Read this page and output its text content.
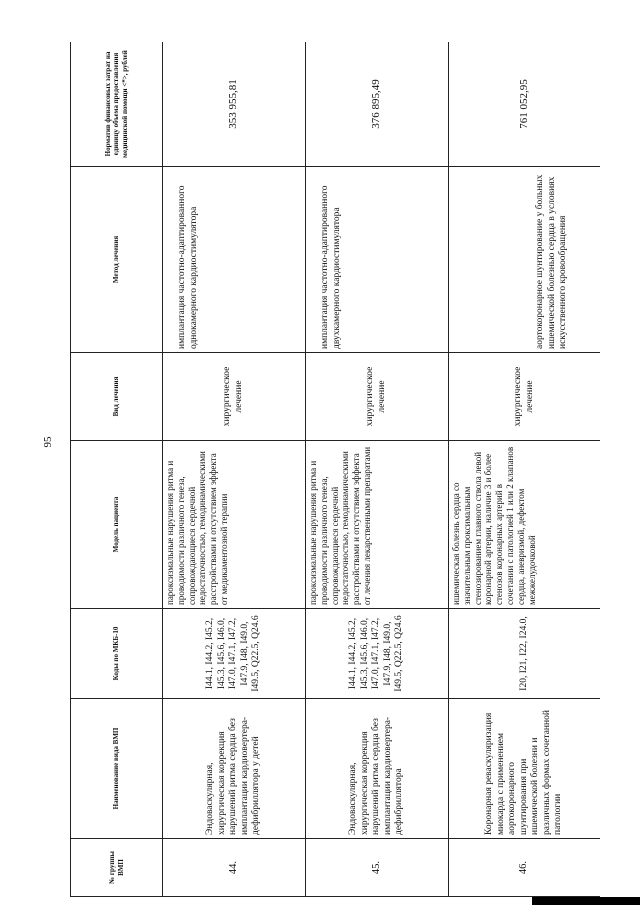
95
№ группы ВМП	Наименование вида ВМП	Коды по МКБ-10	Модель пациента	Вид лечения	Метод лечения	Норматив финансовых затрат на единицу объема предоставления медицинской помощи <*>, рублей
44.	Эндоваскулярная, хирургическая коррекция нарушений ритма сердца без имплантации кардиовертера-дефибриллятора у детей	I44.1, I44.2, I45.2, I45.3, I45.6, I46.0, I47.0, I47.1, I47.2, I47.9, I48, I49.0, I49.5, Q22.5, Q24.6	пароксизмальные нарушения ритма и проводимости различного генеза, сопровождающиеся сердечной недостаточностью, гемодинамическими расстройствами и отсутствием эффекта от медикаментозной терапии	хирургическое лечение	имплантация частотно-адаптированного однокамерного кардиостимулятора	353 955,81
45.	Эндоваскулярная, хирургическая коррекция нарушений ритма сердца без имплантации кардиовертера-дефибриллятора	I44.1, I44.2, I45.2, I45.3, I45.6, I46.0, I47.0, I47.1, I47.2, I47.9, I48, I49.0, I49.5, Q22.5, Q24.6	пароксизмальные нарушения ритма и проводимости различного генеза, сопровождающиеся сердечной недостаточностью, гемодинамическими расстройствами и отсутствием эффекта от лечения лекарственными препаратами	хирургическое лечение	имплантация частотно-адаптированного двухкамерного кардиостимулятора	376 895,49
46.	Коронарная реваскуляризация миокарда с применением аортокоронарного шунтирования при ишемической болезни и различных формах сочетанной патологии	I20, I21, I22, I24.0,	ишемическая болезнь сердца со значительным проксимальным стенозированием главного ствола левой коронарной артерии, наличие 3 и более стенозов коронарных артерий в сочетании с патологией 1 или 2 клапанов сердца, аневризмой, дефектом межжелудочковой	хирургическое лечение	аортокоронарное шунтирование у больных ишемической болезнью сердца в условиях искусственного кровообращения	761 052,95
